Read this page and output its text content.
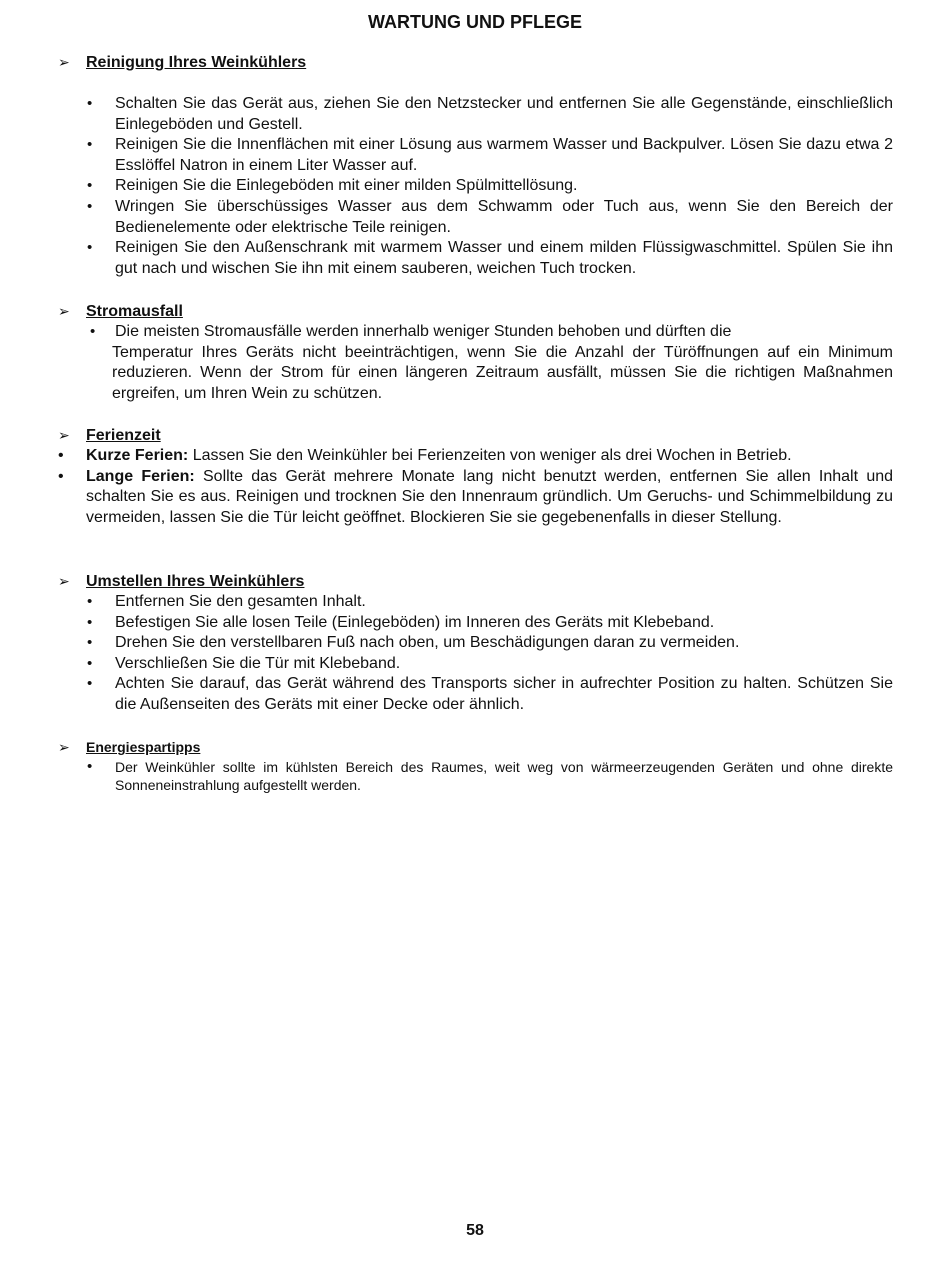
WARTUNG UND PFLEGE
➢ Reinigung Ihres Weinkühlers
• Schalten Sie das Gerät aus, ziehen Sie den Netzstecker und entfernen Sie alle Gegenstände, einschließlich Einlegeböden und Gestell.
• Reinigen Sie die Innenflächen mit einer Lösung aus warmem Wasser und Backpulver. Lösen Sie dazu etwa 2 Esslöffel Natron in einem Liter Wasser auf.
• Reinigen Sie die Einlegeböden mit einer milden Spülmittellösung.
• Wringen Sie überschüssiges Wasser aus dem Schwamm oder Tuch aus, wenn Sie den Bereich der Bedienelemente oder elektrische Teile reinigen.
• Reinigen Sie den Außenschrank mit warmem Wasser und einem milden Flüssigwaschmittel. Spülen Sie ihn gut nach und wischen Sie ihn mit einem sauberen, weichen Tuch trocken.
➢ Stromausfall
• Die meisten Stromausfälle werden innerhalb weniger Stunden behoben und dürften die
Temperatur Ihres Geräts nicht beeinträchtigen, wenn Sie die Anzahl der Türöffnungen auf ein Minimum reduzieren. Wenn der Strom für einen längeren Zeitraum ausfällt, müssen Sie die richtigen Maßnahmen ergreifen, um Ihren Wein zu schützen.
➢ Ferienzeit
• Kurze Ferien: Lassen Sie den Weinkühler bei Ferienzeiten von weniger als drei Wochen in Betrieb.
• Lange Ferien: Sollte das Gerät mehrere Monate lang nicht benutzt werden, entfernen Sie allen Inhalt und schalten Sie es aus. Reinigen und trocknen Sie den Innenraum gründlich. Um Geruchs- und Schimmelbildung zu vermeiden, lassen Sie die Tür leicht geöffnet. Blockieren Sie sie gegebenenfalls in dieser Stellung.
➢ Umstellen Ihres Weinkühlers
• Entfernen Sie den gesamten Inhalt.
• Befestigen Sie alle losen Teile (Einlegeböden) im Inneren des Geräts mit Klebeband.
• Drehen Sie den verstellbaren Fuß nach oben, um Beschädigungen daran zu vermeiden.
• Verschließen Sie die Tür mit Klebeband.
• Achten Sie darauf, das Gerät während des Transports sicher in aufrechter Position zu halten. Schützen Sie die Außenseiten des Geräts mit einer Decke oder ähnlich.
➢ Energiespartipps
• Der Weinkühler sollte im kühlsten Bereich des Raumes, weit weg von wärmeerzeugenden Geräten und ohne direkte Sonneneinstrahlung aufgestellt werden.
58
